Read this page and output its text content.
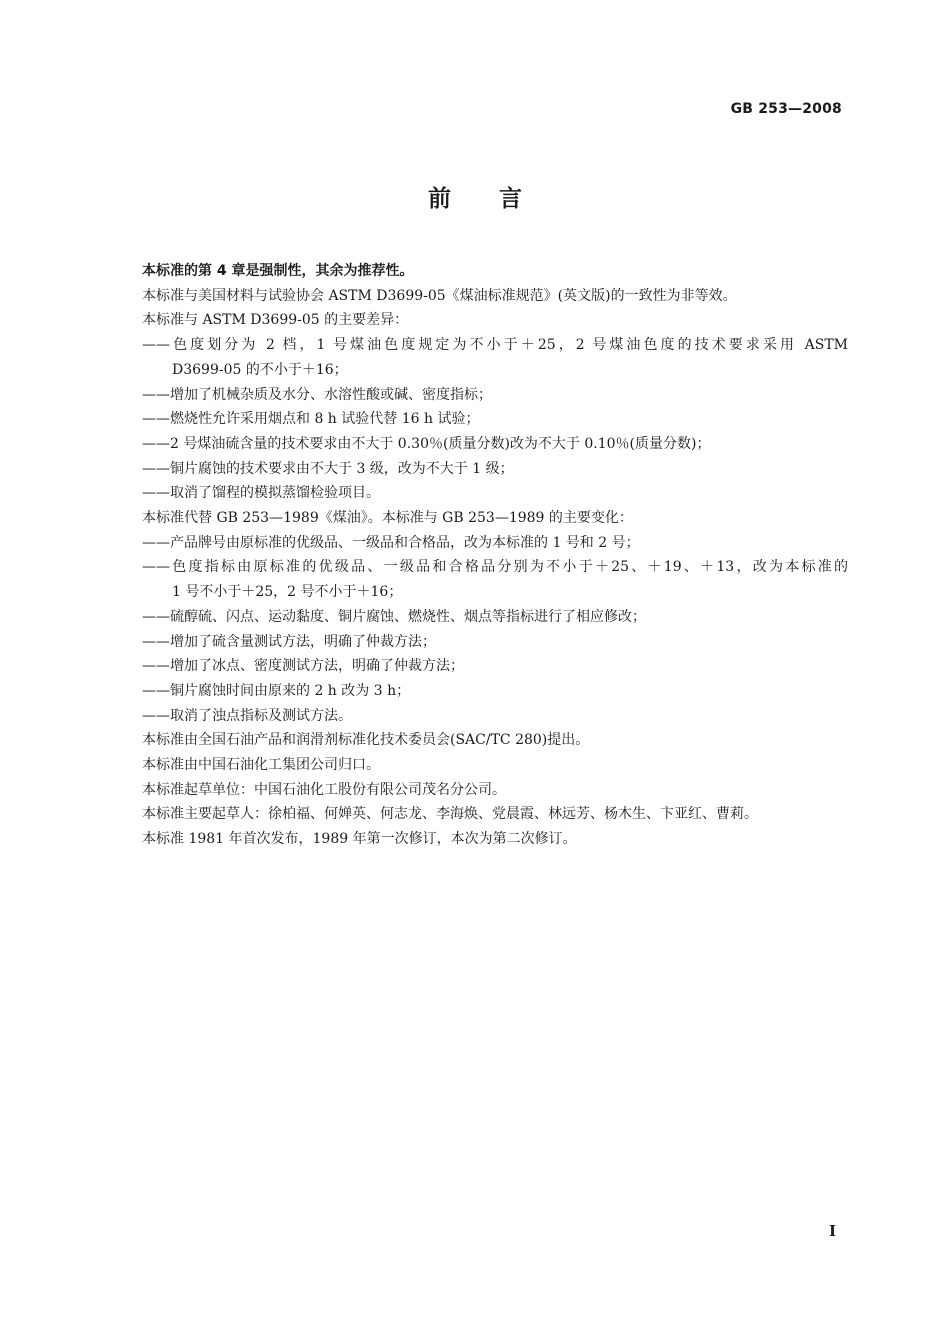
GB 253—2008
前 言
本标准的第 4 章是强制性，其余为推荐性。
本标准与美国材料与试验协会 ASTM D3699-05《煤油标准规范》(英文版)的一致性为非等效。
本标准与 ASTM D3699-05 的主要差异：
——色度划分为 2 档，1 号煤油色度规定为不小于＋25，2 号煤油色度的技术要求采用 ASTM
D3699-05 的不小于＋16；
——增加了机械杂质及水分、水溶性酸或碱、密度指标；
——燃烧性允许采用烟点和 8 h 试验代替 16 h 试验；
——2 号煤油硫含量的技术要求由不大于 0.30％(质量分数)改为不大于 0.10％(质量分数)；
——铜片腐蚀的技术要求由不大于 3 级，改为不大于 1 级；
——取消了馏程的模拟蒸馏检验项目。
本标准代替 GB 253—1989《煤油》。本标准与 GB 253—1989 的主要变化：
——产品牌号由原标准的优级品、一级品和合格品，改为本标准的 1 号和 2 号；
——色度指标由原标准的优级品、一级品和合格品分别为不小于＋25、＋19、＋13，改为本标准的
1 号不小于＋25，2 号不小于＋16；
——硫醇硫、闪点、运动黏度、铜片腐蚀、燃烧性、烟点等指标进行了相应修改；
——增加了硫含量测试方法，明确了仲裁方法；
——增加了冰点、密度测试方法，明确了仲裁方法；
——铜片腐蚀时间由原来的 2 h 改为 3 h；
——取消了浊点指标及测试方法。
本标准由全国石油产品和润滑剂标准化技术委员会(SAC/TC 280)提出。
本标准由中国石油化工集团公司归口。
本标准起草单位：中国石油化工股份有限公司茂名分公司。
本标准主要起草人：徐柏福、何婵英、何志龙、李海焕、党晨霞、林远芳、杨木生、卞亚红、曹莉。
本标准 1981 年首次发布，1989 年第一次修订，本次为第二次修订。
I
